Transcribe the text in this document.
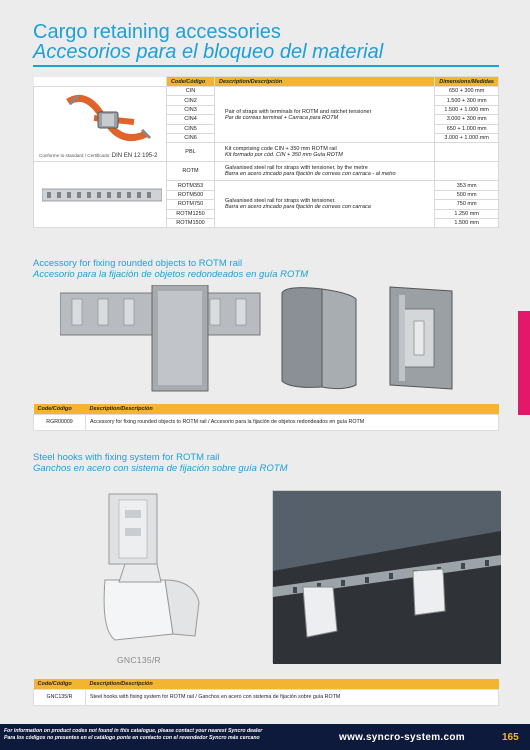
Cargo retaining accessories
Accesorios para el bloqueo del material
	Code/Código	Description/Descripción	Dimensions/Medidas

Conforme to standard / Certificado: DIN EN 12 195-2	CIN	Pair of straps with terminals for ROTM and ratchet tensioner
Par de correas terminal + Carraca para ROTM	650 + 300 mm
	CIN2		1.500 + 300 mm
	CIN3		1.500 + 1.000 mm
	CIN4		3.000 + 300 mm
	CIN5		650 + 1.000 mm
	CIN6		3.000 + 1.000 mm
	PBL	Kit comprising code CIN + 350 mm ROTM rail
Kit formado por cód. CIN + 350 mm Guía ROTM	

	ROTM	Galvanised steel rail for straps with tensioner, by the metre
Barra en acero zincado para fijación de correas con carraca - al metro	

	ROTM353	Galvanised steel rail for straps with tensioner.
Barra en acero zincado para fijación de correas con carraca	353 mm
	ROTM500		500 mm
	ROTM750		750 mm
	ROTM1250		1.250 mm
	ROTM1500		1.500 mm
Accessory for fixing rounded objects to ROTM rail
Accesorio para la fijación de objetos redondeados en guía ROTM
Code/Código	Description/Descripción
RGR00009	Accessory for fixing rounded objects to ROTM rail / Accesorio para la fijación de objetos redondeados en guía ROTM
Steel hooks with fixing system for ROTM rail
Ganchos en acero con sistema de fijación sobre guía ROTM
GNC135/R
Code/Código	Description/Descripción
GNC135/R	Steel hooks with fixing system for ROTM rail / Ganchos en acero con sistema de fijación sobre guía ROTM
For information on product codes not found in this catalogue, please contact your nearest Syncro dealer
Para los códigos no presentes en el catálogo ponte en contacto con el revendedor Syncro más cercano	www.syncro-system.com	165
